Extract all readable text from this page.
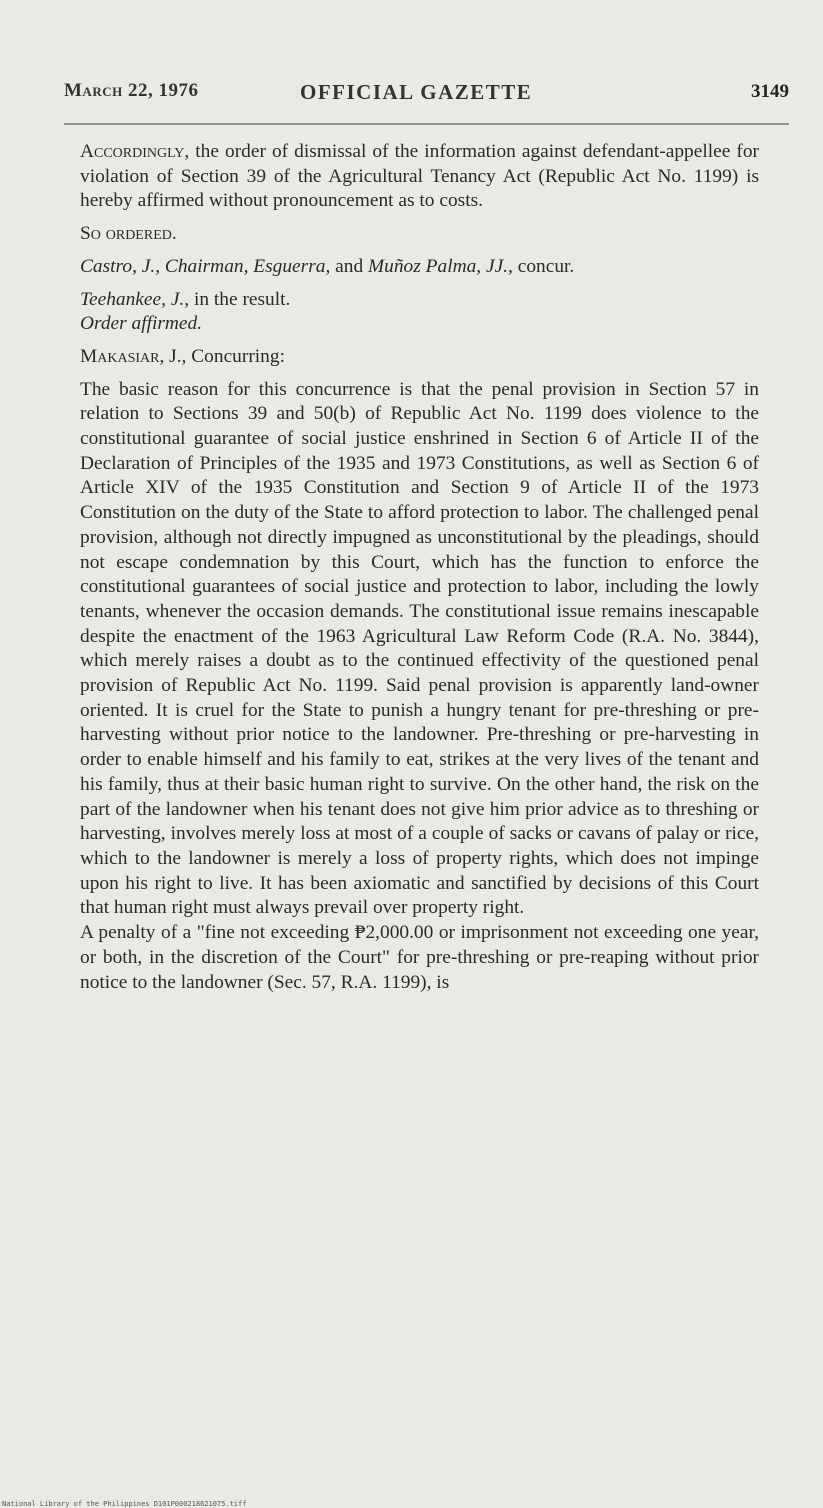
March 22, 1976	OFFICIAL GAZETTE	3149

Accordingly, the order of dismissal of the information against defendant-appellee for violation of Section 39 of the Agricultural Tenancy Act (Republic Act No. 1199) is hereby affirmed without pronouncement as to costs.

So ordered.

Castro, J., Chairman, Esguerra, and Muñoz Palma, JJ., concur.

Teehankee, J., in the result.

Order affirmed.

Makasiar, J., Concurring:

The basic reason for this concurrence is that the penal provision in Section 57 in relation to Sections 39 and 50(b) of Republic Act No. 1199 does violence to the constitutional guarantee of social justice enshrined in Section 6 of Article II of the Declaration of Principles of the 1935 and 1973 Constitutions, as well as Section 6 of Article XIV of the 1935 Constitution and Section 9 of Article II of the 1973 Constitution on the duty of the State to afford protection to labor. The challenged penal provision, although not directly impugned as unconstitutional by the pleadings, should not escape condemnation by this Court, which has the function to enforce the constitutional guarantees of social justice and protection to labor, including the lowly tenants, whenever the occasion demands. The constitutional issue remains inescapable despite the enactment of the 1963 Agricultural Law Reform Code (R.A. No. 3844), which merely raises a doubt as to the continued effectivity of the questioned penal provision of Republic Act No. 1199. Said penal provision is apparently land-owner oriented. It is cruel for the State to punish a hungry tenant for pre-threshing or pre-harvesting without prior notice to the landowner. Pre-threshing or pre-harvesting in order to enable himself and his family to eat, strikes at the very lives of the tenant and his family, thus at their basic human right to survive. On the other hand, the risk on the part of the landowner when his tenant does not give him prior advice as to threshing or harvesting, involves merely loss at most of a couple of sacks or cavans of palay or rice, which to the landowner is merely a loss of property rights, which does not impinge upon his right to live. It has been axiomatic and sanctified by decisions of this Court that human right must always prevail over property right.

A penalty of a "fine not exceeding ₱2,000.00 or imprisonment not exceeding one year, or both, in the discretion of the Court" for pre-threshing or pre-reaping without prior notice to the landowner (Sec. 57, R.A. 1199), is

National Library of the Philippines D101P000218621075.tiff
